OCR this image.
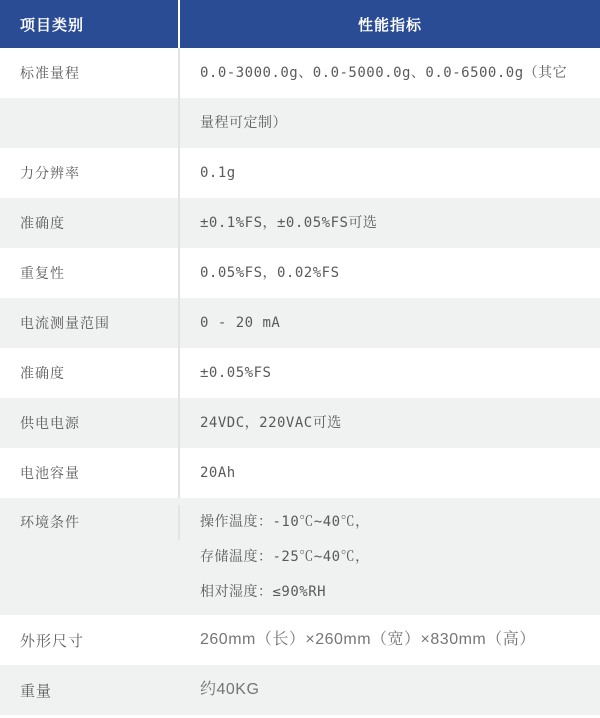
项目类别	性能指标
标准量程	0.0-3000.0g、0.0-5000.0g、0.0-6500.0g（其它
量程可定制）
力分辨率	0.1g
准确度	±0.1%FS，±0.05%FS可选
重复性	0.05%FS，0.02%FS
电流测量范围	0 - 20 mA
准确度	±0.05%FS
供电电源	24VDC，220VAC可选
电池容量	20Ah
环境条件	操作温度：-10℃~40℃，
存储温度：-25℃~40℃，
相对湿度：≤90%RH
外形尺寸	260mm（长）×260mm（宽）×830mm（高）
重量	约40KG
